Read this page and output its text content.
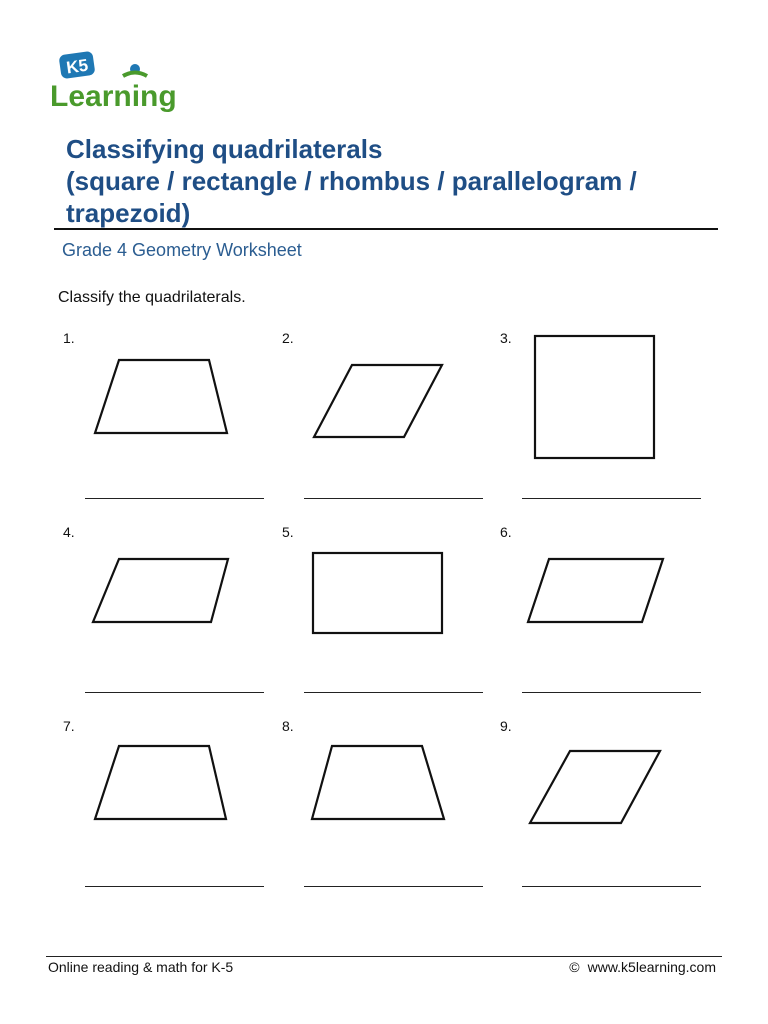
K5
Learning
Classifying quadrilaterals
(square / rectangle / rhombus / parallelogram /
trapezoid)
Grade 4 Geometry Worksheet
Classify the quadrilaterals.
1.	2.	3.
4.	5.	6.
7.	8.	9.
Online reading & math for K-5	© www.k5learning.com
